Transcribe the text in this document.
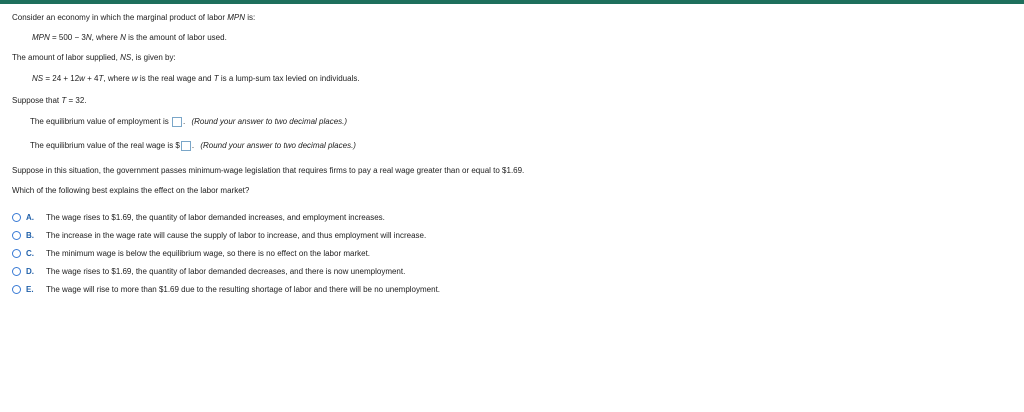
Consider an economy in which the marginal product of labor MPN is:
MPN = 500 − 3N, where N is the amount of labor used.
The amount of labor supplied, NS, is given by:
NS = 24 + 12w + 4T, where w is the real wage and T is a lump-sum tax levied on individuals.
Suppose that T = 32.
The equilibrium value of employment is . (Round your answer to two decimal places.)
The equilibrium value of the real wage is $ . (Round your answer to two decimal places.)
Suppose in this situation, the government passes minimum-wage legislation that requires firms to pay a real wage greater than or equal to $1.69.
Which of the following best explains the effect on the labor market?
A. The wage rises to $1.69, the quantity of labor demanded increases, and employment increases.
B. The increase in the wage rate will cause the supply of labor to increase, and thus employment will increase.
C. The minimum wage is below the equilibrium wage, so there is no effect on the labor market.
D. The wage rises to $1.69, the quantity of labor demanded decreases, and there is now unemployment.
E. The wage will rise to more than $1.69 due to the resulting shortage of labor and there will be no unemployment.
